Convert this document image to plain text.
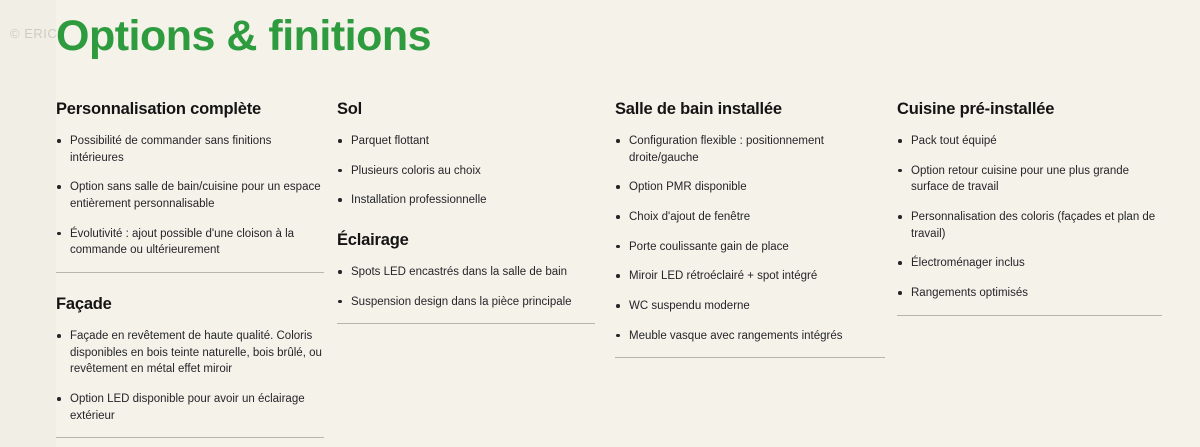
© ERIC
Options & finitions
Personnalisation complète
Possibilité de commander sans finitions intérieures
Option sans salle de bain/cuisine pour un espace entièrement personnalisable
Évolutivité : ajout possible d'une cloison à la commande ou ultérieurement
Façade
Façade en revêtement de haute qualité. Coloris disponibles en bois teinte naturelle, bois brûlé, ou revêtement en métal effet miroir
Option LED disponible pour avoir un éclairage extérieur
Sol
Parquet flottant
Plusieurs coloris au choix
Installation professionnelle
Éclairage
Spots LED encastrés dans la salle de bain
Suspension design dans la pièce principale
Salle de bain installée
Configuration flexible : positionnement droite/gauche
Option PMR disponible
Choix d'ajout de fenêtre
Porte coulissante gain de place
Miroir LED rétroéclairé + spot intégré
WC suspendu moderne
Meuble vasque avec rangements intégrés
Cuisine pré-installée
Pack tout équipé
Option retour cuisine pour une plus grande surface de travail
Personnalisation des coloris (façades et plan de travail)
Électroménager inclus
Rangements optimisés
